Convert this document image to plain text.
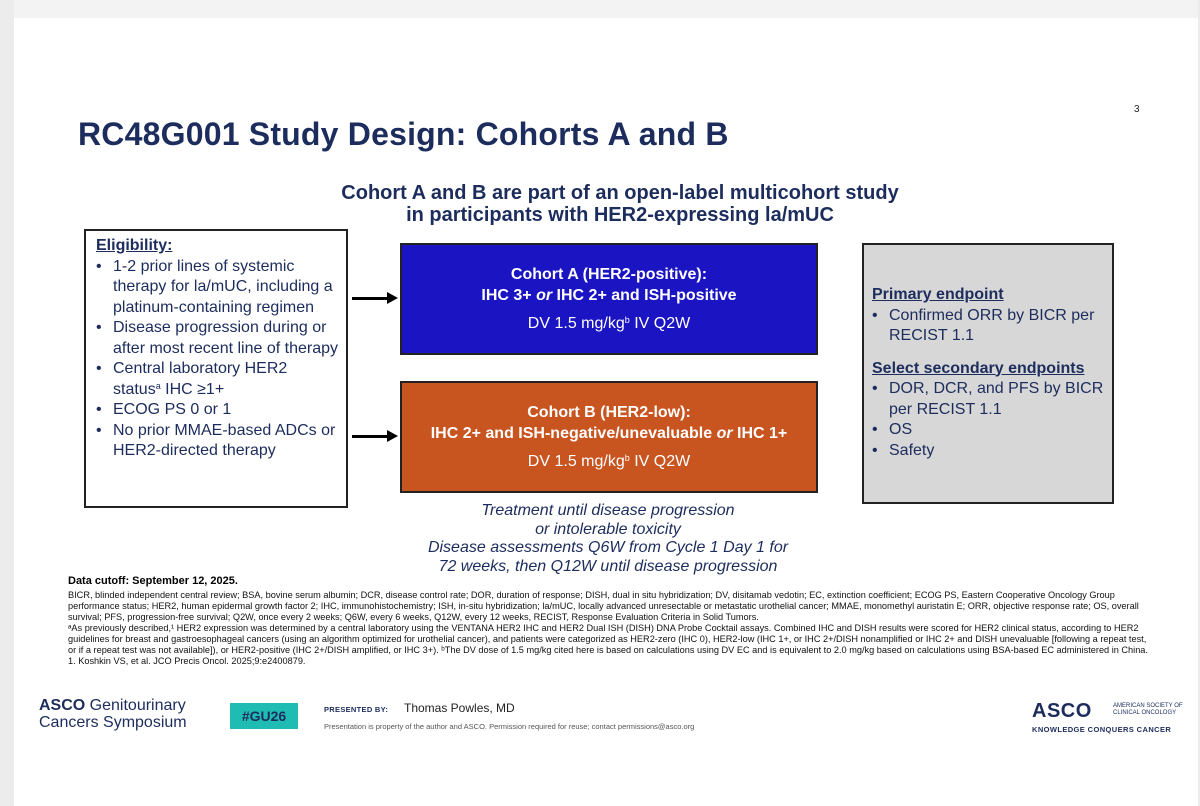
3
RC48G001 Study Design: Cohorts A and B
Cohort A and B are part of an open-label multicohort study
in participants with HER2-expressing la/mUC
Eligibility:
• 1-2 prior lines of systemic therapy for la/mUC, including a platinum-containing regimen
• Disease progression during or after most recent line of therapy
• Central laboratory HER2 status$^a$ IHC ≥1+
• ECOG PS 0 or 1
• No prior MMAE-based ADCs or HER2-directed therapy
Cohort A (HER2-positive):
IHC 3+ or IHC 2+ and ISH-positive
DV 1.5 $mg/kg^b$ IV Q2W
Cohort B (HER2-low):
IHC 2+ and ISH-negative/unevaluable or IHC 1+
DV 1.5 $mg/kg^b$ IV Q2W
Primary endpoint
• Confirmed ORR by BICR per RECIST 1.1
Select secondary endpoints
• DOR, DCR, and PFS by BICR per RECIST 1.1
• OS
• Safety
Treatment until disease progression
or intolerable toxicity
Disease assessments Q6W from Cycle 1 Day 1 for
72 weeks, then Q12W until disease progression
Data cutoff: September 12, 2025.

BICR, blinded independent central review; BSA, bovine serum albumin; DCR, disease control rate; DOR, duration of response; DISH, dual in situ hybridization; DV, disitamab vedotin; EC, extinction coefficient; ECOG PS, Eastern Cooperative Oncology Group performance status; HER2, human epidermal growth factor 2; IHC, immunohistochemistry; ISH, in-situ hybridization; la/mUC, locally advanced unresectable or metastatic urothelial cancer; MMAE, monomethyl auristatin E; ORR, objective response rate; OS, overall survival; PFS, progression-free survival; Q2W, once every 2 weeks; Q6W, every 6 weeks, Q12W, every 12 weeks, RECIST, Response Evaluation Criteria in Solid Tumors.

ᵃAs previously described,¹ HER2 expression was determined by a central laboratory using the VENTANA HER2 IHC and HER2 Dual ISH (DISH) DNA Probe Cocktail assays. Combined IHC and DISH results were scored for HER2 clinical status, according to HER2 guidelines for breast and gastroesophageal cancers (using an algorithm optimized for urothelial cancer), and patients were categorized as HER2-zero (IHC 0), HER2-low (IHC 1+, or IHC 2+/DISH nonamplified or IHC 2+ and DISH unevaluable [following a repeat test, or if a repeat test was not available]), or HER2-positive (IHC 2+/DISH amplified, or IHC 3+). ᵇThe DV dose of 1.5 mg/kg cited here is based on calculations using DV EC and is equivalent to 2.0 mg/kg based on calculations using BSA-based EC administered in China.

1. Koshkin VS, et al. JCO Precis Oncol. 2025;9:e2400879.

ASCO Genitourinary
Cancers Symposium	#GU26	PRESENTED BY: Thomas Powles, MD
Presentation is property of the author and ASCO. Permission required for reuse; contact permissions@asco.org
ASCO	AMERICAN SOCIETY OF CLINICAL ONCOLOGY
KNOWLEDGE CONQUERS CANCER
